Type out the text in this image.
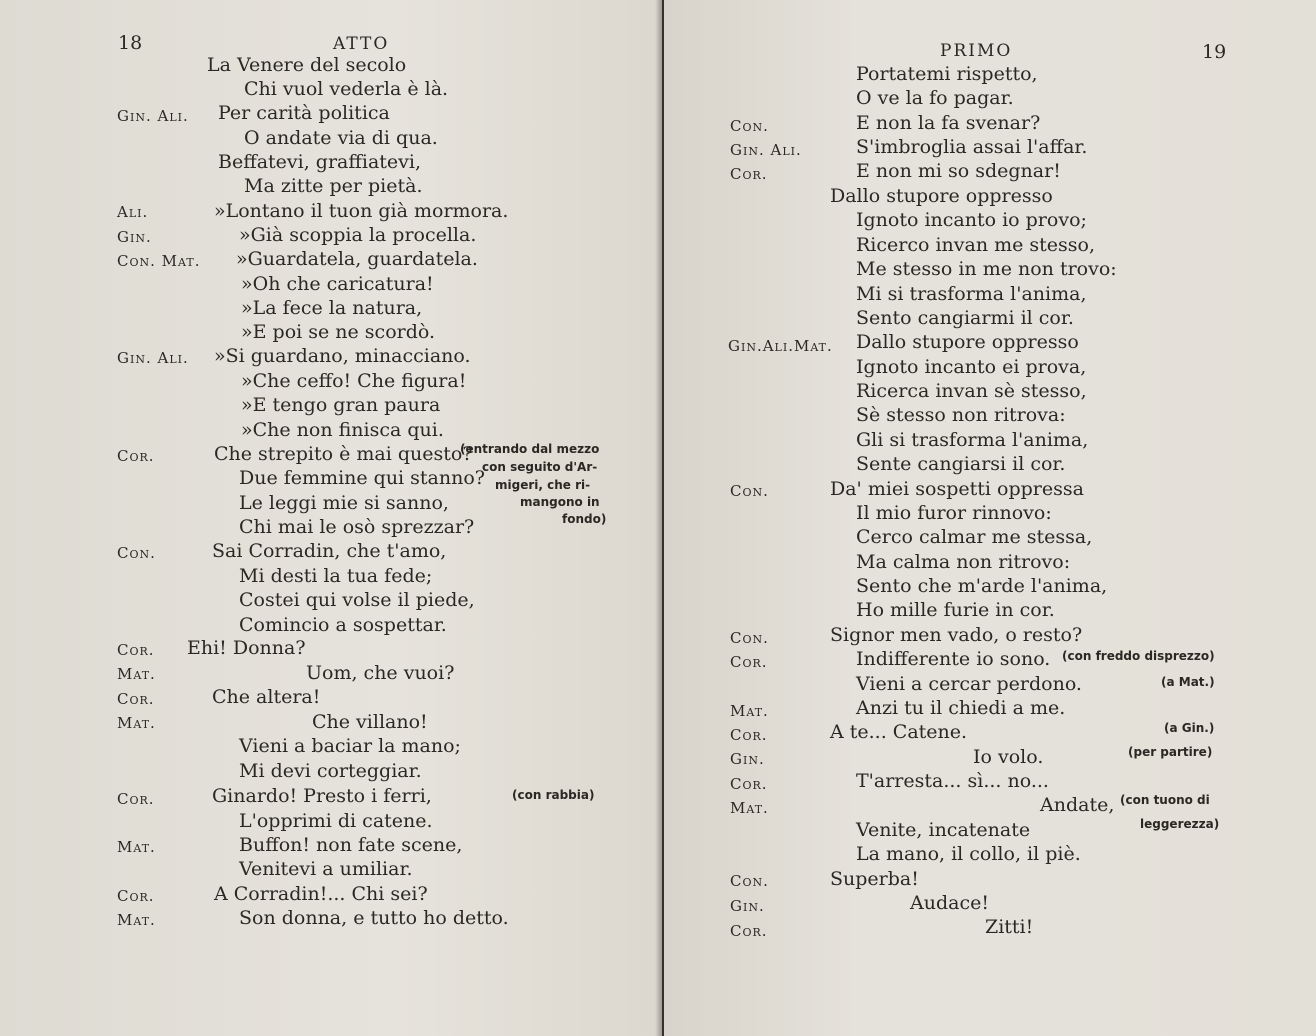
18	ATTO
Gin. Ali.
Ali.
Gin.
Con. Mat.
Gin. Ali.
Cor.
Con.
Cor.
Mat.
Cor.
Mat.
Cor.
Mat.
Cor.
Mat.
La Venere del secolo
Chi vuol vederla è là.
Per carità politica
O andate via di qua.
Beffatevi, graffiatevi,
Ma zitte per pietà.
»Lontano il tuon già mormora.
»Già scoppia la procella.
»Guardatela, guardatela.
»Oh che caricatura!
»La fece la natura,
»E poi se ne scordò.
»Si guardano, minacciano.
»Che ceffo! Che figura!
»E tengo gran paura
»Che non finisca qui.
Che strepito è mai questo?
Due femmine qui stanno?
Le leggi mie si sanno,
Chi mai le osò sprezzar?
Sai Corradin, che t'amo,
Mi desti la tua fede;
Costei qui volse il piede,
Comincio a sospettar.
Ehi! Donna?
Uom, che vuoi?
Che altera!
Che villano!
Vieni a baciar la mano;
Mi devi corteggiar.
Ginardo! Presto i ferri,
L'opprimi di catene.
Buffon! non fate scene,
Venitevi a umiliar.
A Corradin!... Chi sei?
Son donna, e tutto ho detto.
(entrando dal mezzo
con seguito d'Ar-
migeri, che ri-
mangono in
fondo)
(con rabbia)
PRIMO	19
Con.
Gin. Ali.
Cor.
Gin.Ali.Mat.
Con.
Con.
Cor.
Mat.
Cor.
Gin.
Cor.
Mat.
Con.
Gin.
Cor.
Portatemi rispetto,
O ve la fo pagar.
E non la fa svenar?
S'imbroglia assai l'affar.
E non mi so sdegnar!
Dallo stupore oppresso
Ignoto incanto io provo;
Ricerco invan me stesso,
Me stesso in me non trovo:
Mi si trasforma l'anima,
Sento cangiarmi il cor.
Dallo stupore oppresso
Ignoto incanto ei prova,
Ricerca invan sè stesso,
Sè stesso non ritrova:
Gli si trasforma l'anima,
Sente cangiarsi il cor.
Da' miei sospetti oppressa
Il mio furor rinnovo:
Cerco calmar me stessa,
Ma calma non ritrovo:
Sento che m'arde l'anima,
Ho mille furie in cor.
Signor men vado, o resto?
Indifferente io sono.
Vieni a cercar perdono.
Anzi tu il chiedi a me.
A te... Catene.
Io volo.
T'arresta... sì... no...
Andate,
Venite, incatenate
La mano, il collo, il piè.
Superba!
Audace!
Zitti!
(con freddo disprezzo)
(a Mat.)
(a Gin.)
(per partire)
(con tuono di
leggerezza)
